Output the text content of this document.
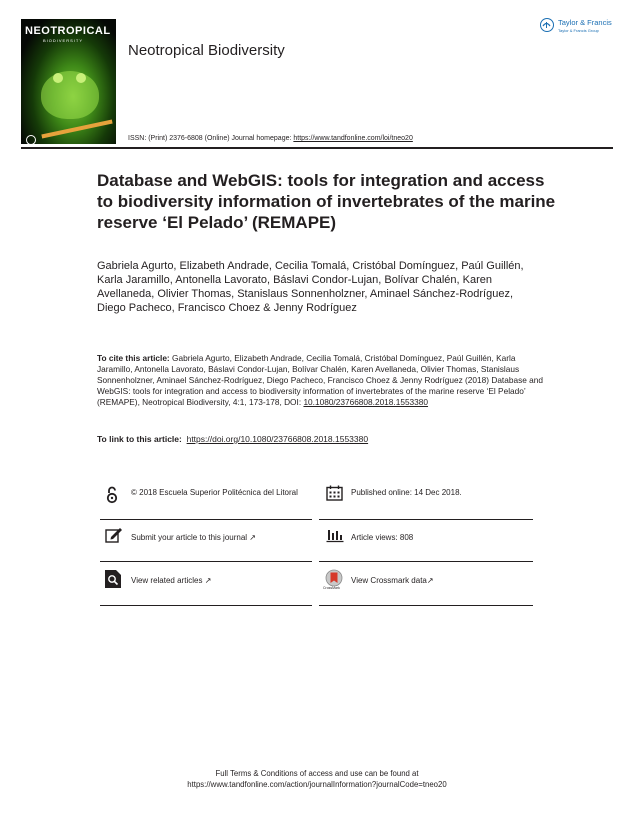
NEOTROPICAL
BIODIVERSITY
Neotropical Biodiversity
ISSN: (Print) 2376-6808 (Online) Journal homepage: https://www.tandfonline.com/loi/tneo20
Taylor & Francis
Taylor & Francis Group
Database and WebGIS: tools for integration and access to biodiversity information of invertebrates of the marine reserve ‘El Pelado’ (REMAPE)
Gabriela Agurto, Elizabeth Andrade, Cecilia Tomalá, Cristóbal Domínguez, Paúl Guillén, Karla Jaramillo, Antonella Lavorato, Báslavi Condor-Lujan, Bolívar Chalén, Karen Avellaneda, Olivier Thomas, Stanislaus Sonnenholzner, Aminael Sánchez-Rodríguez, Diego Pacheco, Francisco Choez & Jenny Rodríguez
To cite this article: Gabriela Agurto, Elizabeth Andrade, Cecilia Tomalá, Cristóbal Domínguez, Paúl Guillén, Karla Jaramillo, Antonella Lavorato, Báslavi Condor-Lujan, Bolívar Chalén, Karen Avellaneda, Olivier Thomas, Stanislaus Sonnenholzner, Aminael Sánchez-Rodríguez, Diego Pacheco, Francisco Choez & Jenny Rodríguez (2018) Database and WebGIS: tools for integration and access to biodiversity information of invertebrates of the marine reserve ‘El Pelado’ (REMAPE), Neotropical Biodiversity, 4:1, 173-178, DOI: 10.1080/23766808.2018.1553380
To link to this article: https://doi.org/10.1080/23766808.2018.1553380
© 2018 Escuela Superior Politécnica del Litoral	Published online: 14 Dec 2018.
Submit your article to this journal ↗	Article views: 808
View related articles ↗
CrossMark
View Crossmark data↗
Full Terms & Conditions of access and use can be found at
https://www.tandfonline.com/action/journalInformation?journalCode=tneo20
